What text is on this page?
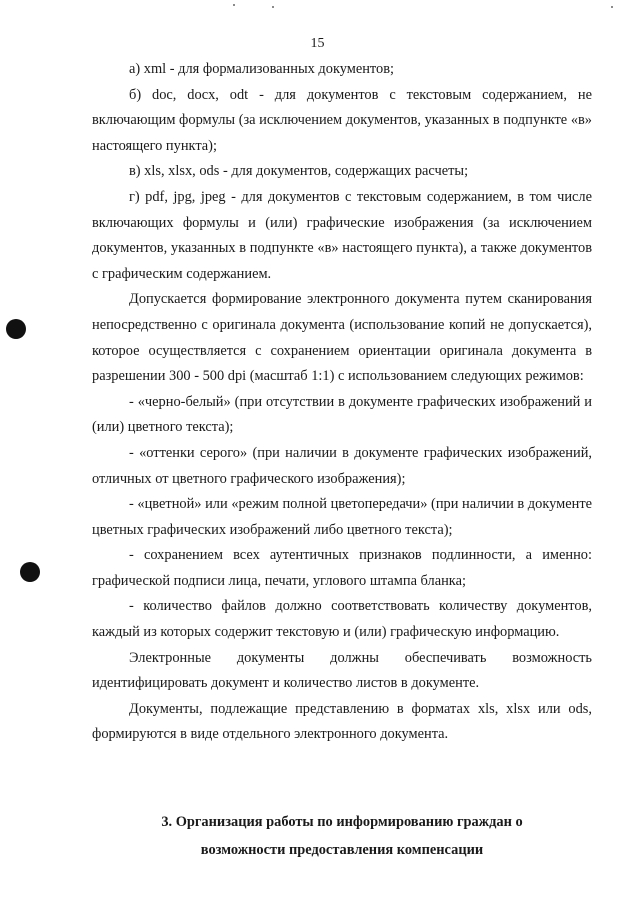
15

а) xml - для формализованных документов;

б) doc, docx, odt - для документов с текстовым содержанием, не включающим формулы (за исключением документов, указанных в подпункте «в» настоящего пункта);

в) xls, xlsx, ods - для документов, содержащих расчеты;

г) pdf, jpg, jpeg - для документов с текстовым содержанием, в том числе включающих формулы и (или) графические изображения (за исключением документов, указанных в подпункте «в» настоящего пункта), а также документов с графическим содержанием.

Допускается формирование электронного документа путем сканирования непосредственно с оригинала документа (использование копий не допускается), которое осуществляется с сохранением ориентации оригинала документа в разрешении 300 - 500 dpi (масштаб 1:1) с использованием следующих режимов:

- «черно-белый» (при отсутствии в документе графических изображений и (или) цветного текста);

- «оттенки серого» (при наличии в документе графических изображений, отличных от цветного графического изображения);

- «цветной» или «режим полной цветопередачи» (при наличии в документе цветных графических изображений либо цветного текста);

- сохранением всех аутентичных признаков подлинности, а именно: графической подписи лица, печати, углового штампа бланка;

- количество файлов должно соответствовать количеству документов, каждый из которых содержит текстовую и (или) графическую информацию.

Электронные документы должны обеспечивать возможность идентифицировать документ и количество листов в документе.

Документы, подлежащие представлению в форматах xls, xlsx или ods, формируются в виде отдельного электронного документа.

3. Организация работы по информированию граждан о
возможности предоставления компенсации
